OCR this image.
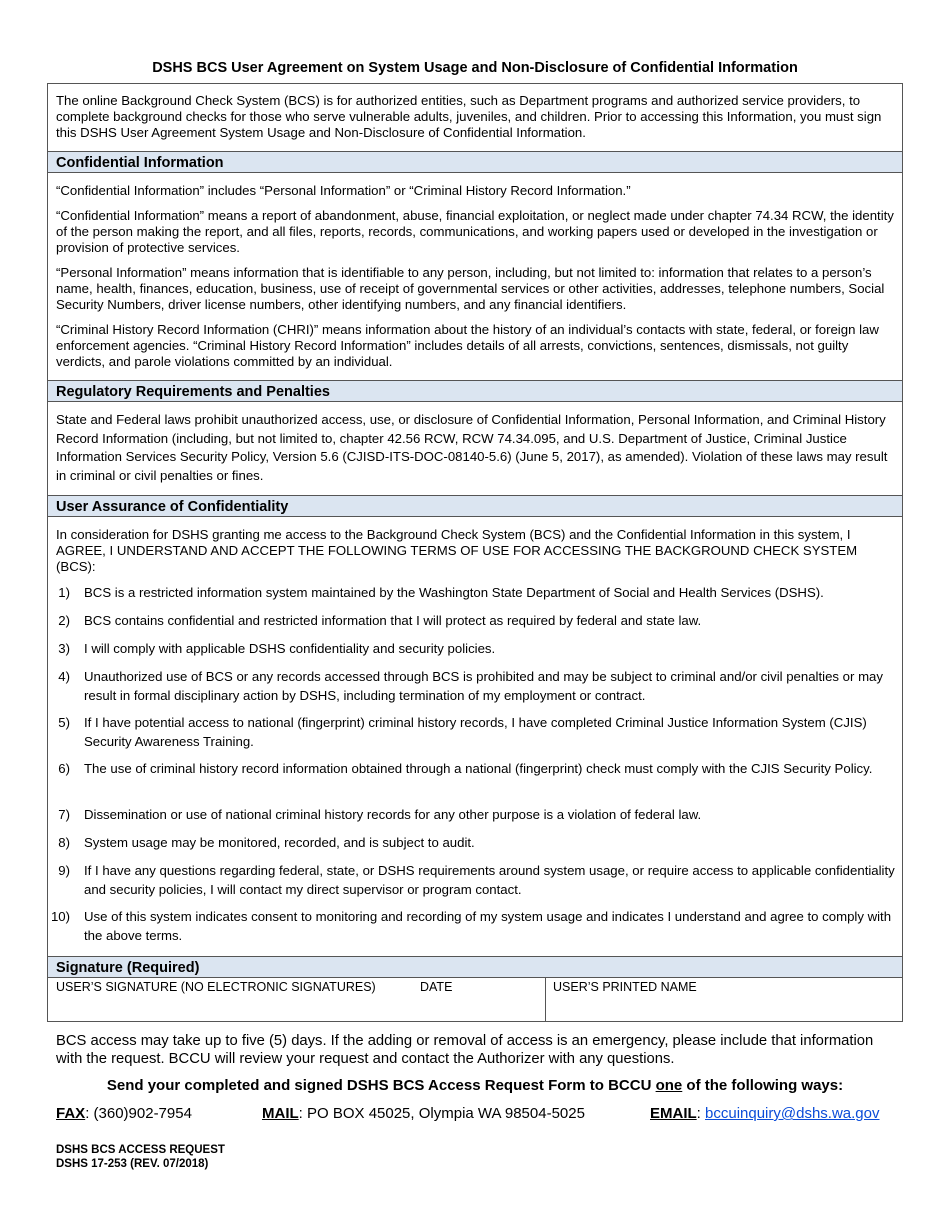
DSHS BCS User Agreement on System Usage and Non-Disclosure of Confidential Information
The online Background Check System (BCS) is for authorized entities, such as Department programs and authorized service providers, to complete background checks for those who serve vulnerable adults, juveniles, and children. Prior to accessing this Information, you must sign this DSHS User Agreement System Usage and Non-Disclosure of Confidential Information.
Confidential Information
“Confidential Information” includes “Personal Information” or “Criminal History Record Information.”
“Confidential Information” means a report of abandonment, abuse, financial exploitation, or neglect made under chapter 74.34 RCW, the identity of the person making the report, and all files, reports, records, communications, and working papers used or developed in the investigation or provision of protective services.
“Personal Information” means information that is identifiable to any person, including, but not limited to: information that relates to a person’s name, health, finances, education, business, use of receipt of governmental services or other activities, addresses, telephone numbers, Social Security Numbers, driver license numbers, other identifying numbers, and any financial identifiers.
“Criminal History Record Information (CHRI)” means information about the history of an individual’s contacts with state, federal, or foreign law enforcement agencies. “Criminal History Record Information” includes details of all arrests, convictions, sentences, dismissals, not guilty verdicts, and parole violations committed by an individual.
Regulatory Requirements and Penalties
State and Federal laws prohibit unauthorized access, use, or disclosure of Confidential Information, Personal Information, and Criminal History Record Information (including, but not limited to, chapter 42.56 RCW, RCW 74.34.095, and U.S. Department of Justice, Criminal Justice Information Services Security Policy, Version 5.6 (CJISD-ITS-DOC-08140-5.6) (June 5, 2017), as amended). Violation of these laws may result in criminal or civil penalties or fines.
User Assurance of Confidentiality
In consideration for DSHS granting me access to the Background Check System (BCS) and the Confidential Information in this system, I AGREE, I UNDERSTAND AND ACCEPT THE FOLLOWING TERMS OF USE FOR ACCESSING THE BACKGROUND CHECK SYSTEM (BCS):
1) BCS is a restricted information system maintained by the Washington State Department of Social and Health Services (DSHS).
2) BCS contains confidential and restricted information that I will protect as required by federal and state law.
3) I will comply with applicable DSHS confidentiality and security policies.
4) Unauthorized use of BCS or any records accessed through BCS is prohibited and may be subject to criminal and/or civil penalties or may result in formal disciplinary action by DSHS, including termination of my employment or contract.
5) If I have potential access to national (fingerprint) criminal history records, I have completed Criminal Justice Information System (CJIS) Security Awareness Training.
6) The use of criminal history record information obtained through a national (fingerprint) check must comply with the CJIS Security Policy.
7) Dissemination or use of national criminal history records for any other purpose is a violation of federal law.
8) System usage may be monitored, recorded, and is subject to audit.
9) If I have any questions regarding federal, state, or DSHS requirements around system usage, or require access to applicable confidentiality and security policies, I will contact my direct supervisor or program contact.
10) Use of this system indicates consent to monitoring and recording of my system usage and indicates I understand and agree to comply with the above terms.
Signature (Required)
USER’S SIGNATURE (NO ELECTRONIC SIGNATURES)	DATE	USER’S PRINTED NAME
BCS access may take up to five (5) days. If the adding or removal of access is an emergency, please include that information with the request. BCCU will review your request and contact the Authorizer with any questions.
Send your completed and signed DSHS BCS Access Request Form to BCCU one of the following ways:
FAX: (360)902-7954	MAIL: PO BOX 45025, Olympia WA 98504-5025	EMAIL: bccuinquiry@dshs.wa.gov
DSHS BCS ACCESS REQUEST
DSHS 17-253 (REV. 07/2018)
